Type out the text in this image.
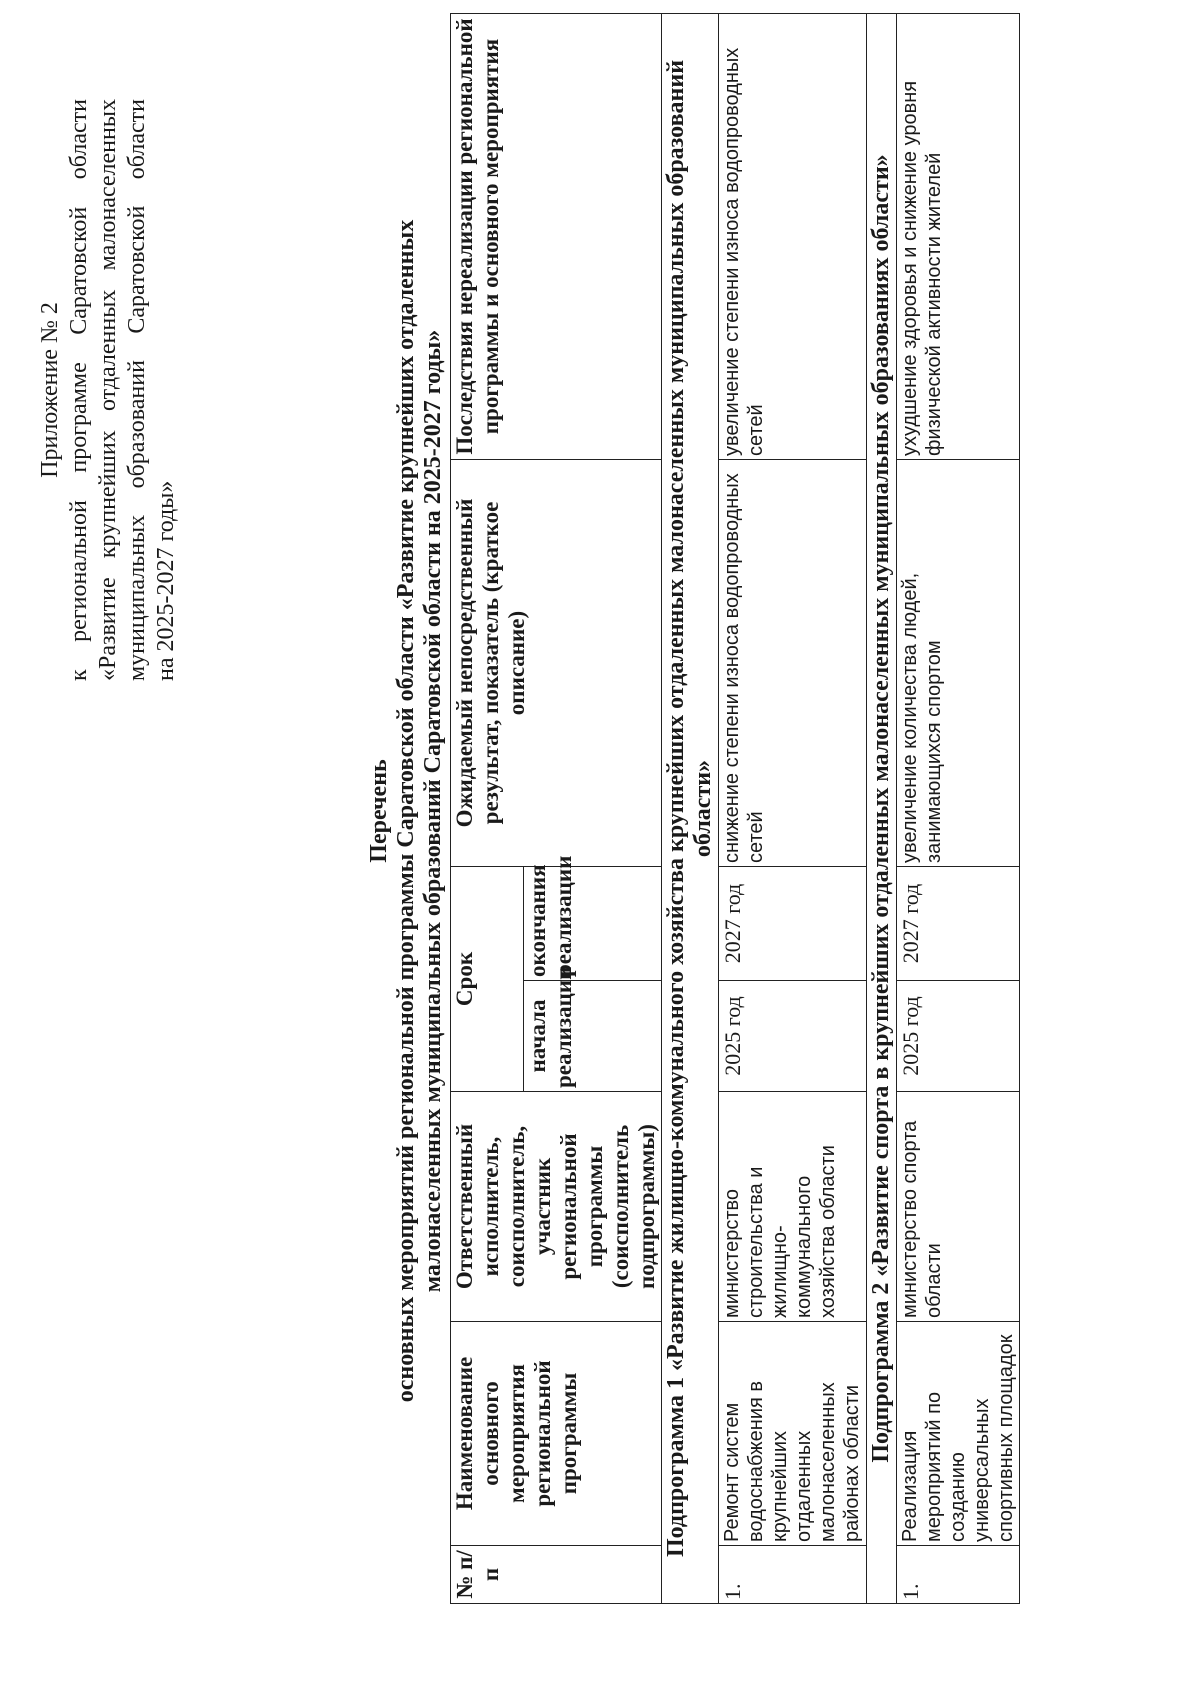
Приложение № 2 к региональной программе Саратовской области «Развитие крупнейших отдаленных малонаселенных муниципальных образований Саратовской области на 2025-2027 годы»
Перечень основных мероприятий региональной программы Саратовской области «Развитие крупнейших отдаленных малонаселенных муниципальных образований Саратовской области на 2025-2027 годы»
№ п/п	Наименование основного мероприятия региональной программы	Ответственный исполнитель, соисполнитель, участник региональной программы (соисполнитель подпрограммы)	Срок		Ожидаемый непосредственный результат, показатель (краткое описание)	Последствия нереализации региональной программы и основного мероприятия
			начала реализации	окончания реализации		
Подпрограмма 1 «Развитие жилищно-коммунального хозяйства крупнейших отдаленных малонаселенных муниципальных образований области»						
1.	Ремонт систем водоснабжения в крупнейших отдаленных малонаселенных районах области	министерство строительства и жилищно-коммунального хозяйства области	2025 год	2027 год	снижение степени износа водопроводных сетей	увеличение степени износа водопроводных сетей
Подпрограмма 2 «Развитие спорта в крупнейших отдаленных малонаселенных муниципальных образованиях области»						
1.	Реализация мероприятий по созданию универсальных спортивных площадок	министерство спорта области	2025 год	2027 год	увеличение количества людей, занимающихся спортом	ухудшение здоровья и снижение уровня физической активности жителей
